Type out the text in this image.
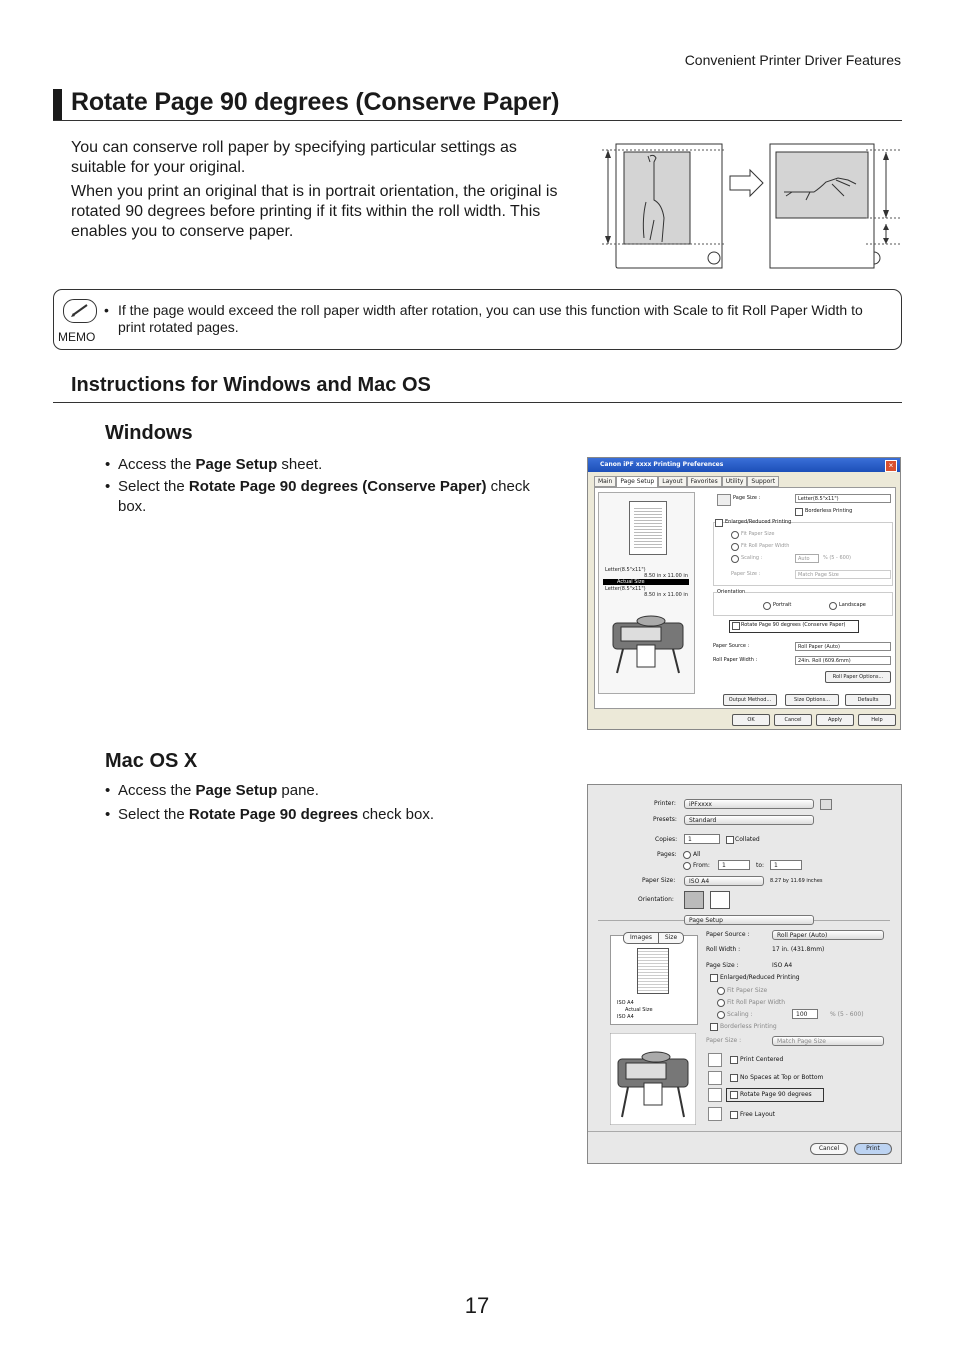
Convenient Printer Driver Features
Rotate Page 90 degrees (Conserve Paper)

You can conserve roll paper by specifying particular settings as suitable for your original.

When you print an original that is in portrait orientation, the original is rotated 90 degrees before printing if it fits within the roll width. This enables you to conserve paper.

MEMO
• If the page would exceed the roll paper width after rotation, you can use this function with Scale to fit Roll Paper Width to print rotated pages.
Instructions for Windows and Mac OS
Windows
• Access the Page Setup sheet.
• Select the Rotate Page 90 degrees (Conserve Paper) check box.
Canon iPF xxxx Printing Preferences	×
Main	Page Setup	Layout	Favorites	Utility	Support
Letter(8.5"x11")
8.50 in x 11.00 in
Actual Size
Letter(8.5"x11")
8.50 in x 11.00 in
Page Size :	Letter(8.5"x11")
Borderless Printing
Enlarged/Reduced Printing
Fit Paper Size
Fit Roll Paper Width
Scaling :	Auto	% (5 - 600)
Paper Size :	Match Page Size
Orientation
Portrait	Landscape
Rotate Page 90 degrees (Conserve Paper)
Paper Source :	Roll Paper (Auto)
Roll Paper Width :	24in. Roll (609.6mm)
Roll Paper Options...
Output Method...	Size Options...	Defaults
OK	Cancel	Apply	Help
Mac OS X
• Access the Page Setup pane.
• Select the Rotate Page 90 degrees check box.
Printer:	iPFxxxx
Presets:	Standard
Copies:	1	Collated
Pages:	All
From:	1	to:	1
Paper Size:	ISO A4	8.27 by 11.69 inches
Orientation:
Page Setup
Images	Size
ISO A4
Actual Size
ISO A4
Paper Source :	Roll Paper (Auto)
Roll Width :	17 in. (431.8mm)
Page Size :	ISO A4
Enlarged/Reduced Printing
Fit Paper Size
Fit Roll Paper Width
Scaling :	100	% (5 - 600)
Borderless Printing
Paper Size :	Match Page Size
Print Centered
No Spaces at Top or Bottom
Rotate Page 90 degrees
Free Layout
Cancel	Print
17
